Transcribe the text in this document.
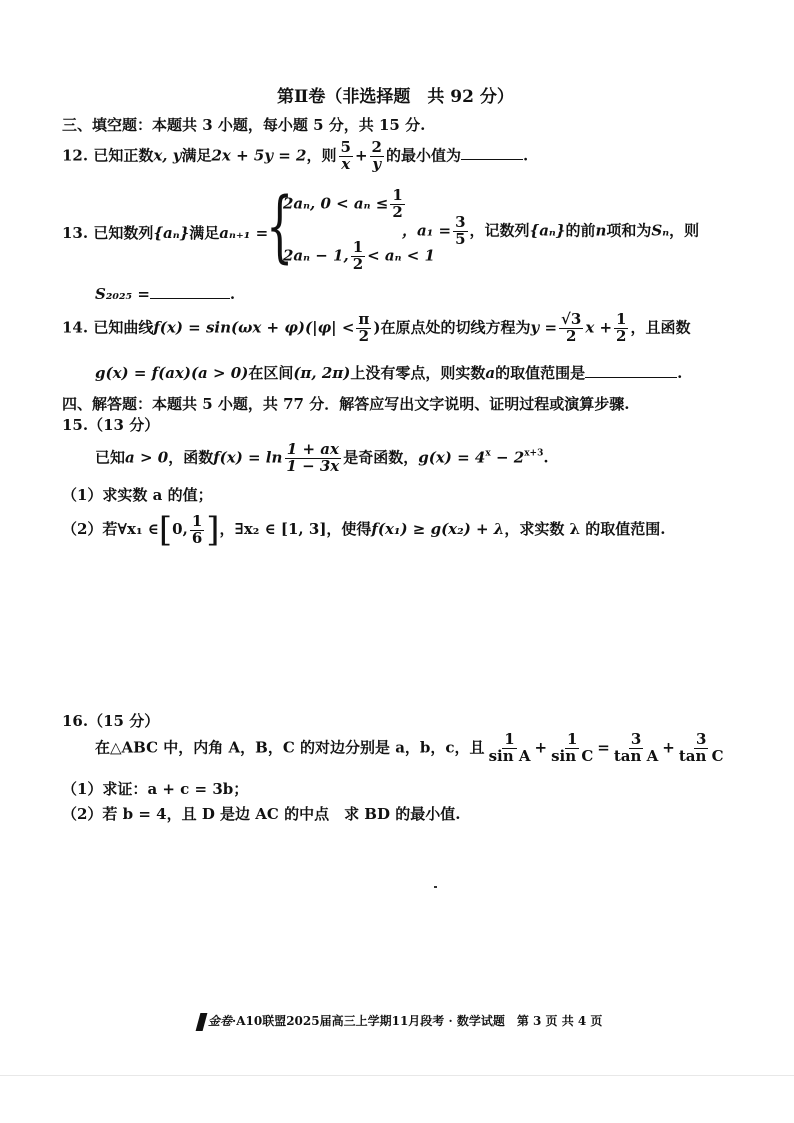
第Ⅱ卷（非选择题　共 92 分）
三、填空题：本题共 3 小题，每小题 5 分，共 15 分.
12. 已知正数x, y满足2x + 5y = 2，则 $\frac{5}{x} + \frac{2}{y}$ 的最小值为	.
13. 已知数列{aₙ}满足aₙ₊₁ =
{
2aₙ, $0 < a_n \le \frac{1}{2}$
2aₙ − 1, $\frac{1}{2} < a_n < 1$
，$a_1 = \frac{3}{5}$ ，记数列{aₙ}的前n项和为Sₙ，则
S₂₀₂₅ =	.
14. 已知曲线$f(x) = \sin(\omega x + \varphi)(|\varphi| < \frac{\pi}{2}$ )在原点处的切线方程为$y = \frac{√3}{2}$ $x + \frac{1}{2}$ ，且函数
g(x) = f(ax)(a > 0)在区间(π, 2π)上没有零点，则实数a的取值范围是	.
四、解答题：本题共 5 小题，共 77 分．解答应写出文字说明、证明过程或演算步骤.
15.（13 分）
已知a > 0，函数$f(x) = \ln \frac{1 + ax}{1 - 3x}$ 是奇函数，$g(x) = 4^x - 2^{x+3}$.
（1）求实数 a 的值；
（2）若∀x₁ ∈[0, $\frac{1}{6}$ ]，∃x₂ ∈ [1, 3]，使得f(x₁) ≥ g(x₂) + λ，求实数 λ 的取值范围.
16.（15 分）
在△ABC 中，内角 A，B，C 的对边分别是 a，b，c，且 $\frac{1}{\text{sin A}} + \frac{1}{\text{sin C}} = \frac{3}{\text{tan A}} + \frac{3}{\text{tan C}}$
（1）求证：a + c = 3b；
（2）若 b = 4，且 D 是边 AC 的中点　求 BD 的最小值.
金卷·A10联盟2025届高三上学期11月段考 · 数学试题　第 3 页 共 4 页
